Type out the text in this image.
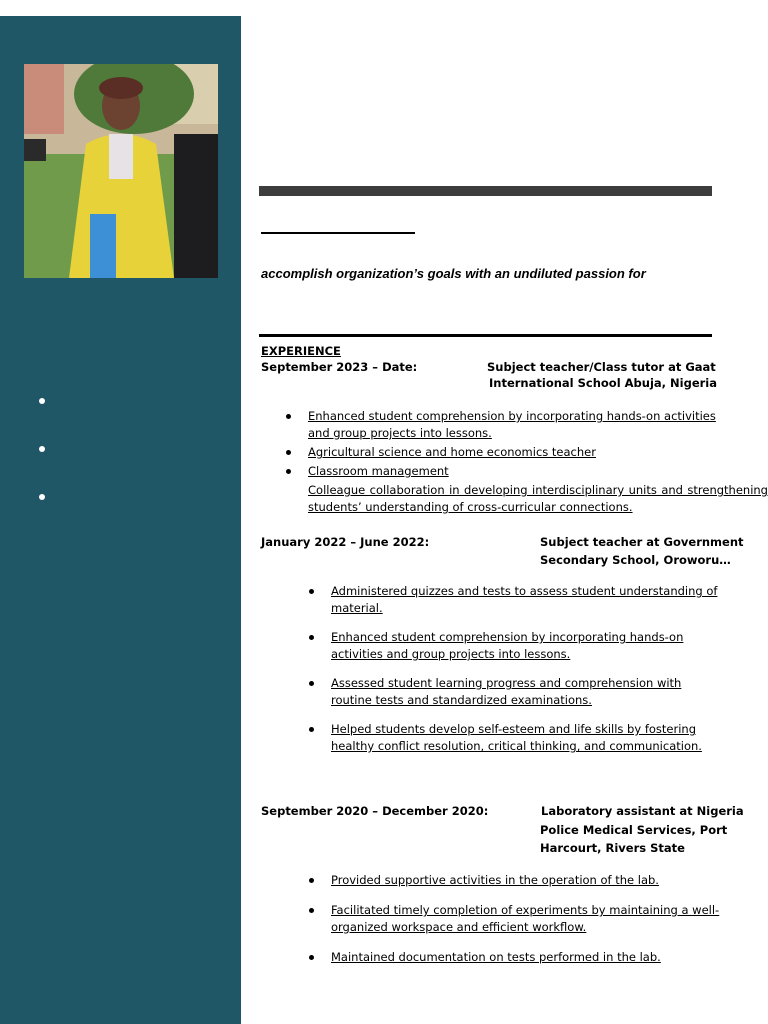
accomplish organization’s goals with an undiluted passion for
EXPERIENCE
September 2023 – Date:	Subject teacher/Class tutor at Gaat
International School Abuja, Nigeria
Enhanced student comprehension by incorporating hands-on activities and group projects into lessons.
Agricultural science and home economics teacher
Classroom management
Colleague collaboration in developing interdisciplinary units and strengthening students’ understanding of cross-curricular connections.
January 2022 – June 2022:	Subject teacher at Government
Secondary School, Oroworu…
Administered quizzes and tests to assess student understanding of material.
Enhanced student comprehension by incorporating hands-on activities and group projects into lessons.
Assessed student learning progress and comprehension with routine tests and standardized examinations.
Helped students develop self-esteem and life skills by fostering healthy conflict resolution, critical thinking, and communication.
September 2020 – December 2020:	Laboratory assistant at Nigeria
Police Medical Services, Port
Harcourt, Rivers State
Provided supportive activities in the operation of the lab.
Facilitated timely completion of experiments by maintaining a well-organized workspace and efficient workflow.
Maintained documentation on tests performed in the lab.
